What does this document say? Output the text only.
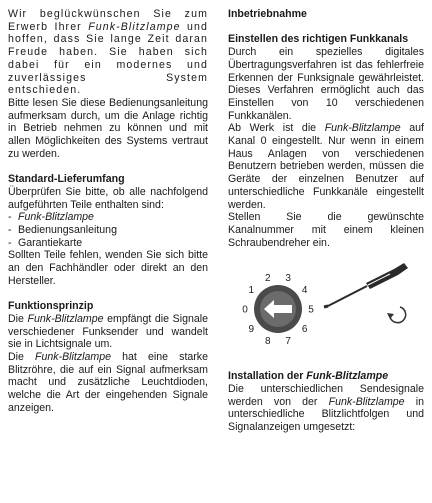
Wir beglückwünschen Sie zum Erwerb Ihrer Funk-Blitzlampe und hoffen, dass Sie lange Zeit daran Freude haben. Sie haben sich dabei für ein modernes und zuverlässiges System entschieden.

Bitte lesen Sie diese Bedienungsanleitung aufmerksam durch, um die Anlage richtig in Betrieb nehmen zu können und mit allen Möglichkeiten des Systems vertraut zu werden.

Standard-Lieferumfang

Überprüfen Sie bitte, ob alle nachfolgend aufgeführten Teile enthalten sind:

- Funk-Blitzlampe
- Bedienungsanleitung
- Garantiekarte

Sollten Teile fehlen, wenden Sie sich bitte an den Fachhändler oder direkt an den Hersteller.

Funktionsprinzip

Die Funk-Blitzlampe empfängt die Signale verschiedener Funksender und wandelt sie in Lichtsignale um.

Die Funk-Blitzlampe hat eine starke Blitzröhre, die auf ein Signal aufmerksam macht und zusätzliche Leuchtdioden, welche die Art der eingehenden Signale anzeigen.

Inbetriebnahme
Einstellen des richtigen Funkkanals

Durch ein spezielles digitales Übertragungsverfahren ist das fehlerfreie Erkennen der Funksignale gewährleistet. Dieses Verfahren ermöglicht auch das Einstellen von 10 verschiedenen Funkkanälen.

Ab Werk ist die Funk-Blitzlampe auf Kanal 0 eingestellt. Nur wenn in einem Haus Anlagen von verschiedenen Benutzern betrieben werden, müssen die Geräte der einzelnen Benutzer auf unterschiedliche Funkkanäle eingestellt werden.

Stellen Sie die gewünschte Kanalnummer mit einem kleinen Schraubendreher ein.

0
1
2 3
4
5
6
7
8
9
Installation der Funk-Blitzlampe

Die unterschiedlichen Sendesignale werden von der Funk-Blitzlampe in unterschiedliche Blitzlichtfolgen und Signalanzeigen umgesetzt:
